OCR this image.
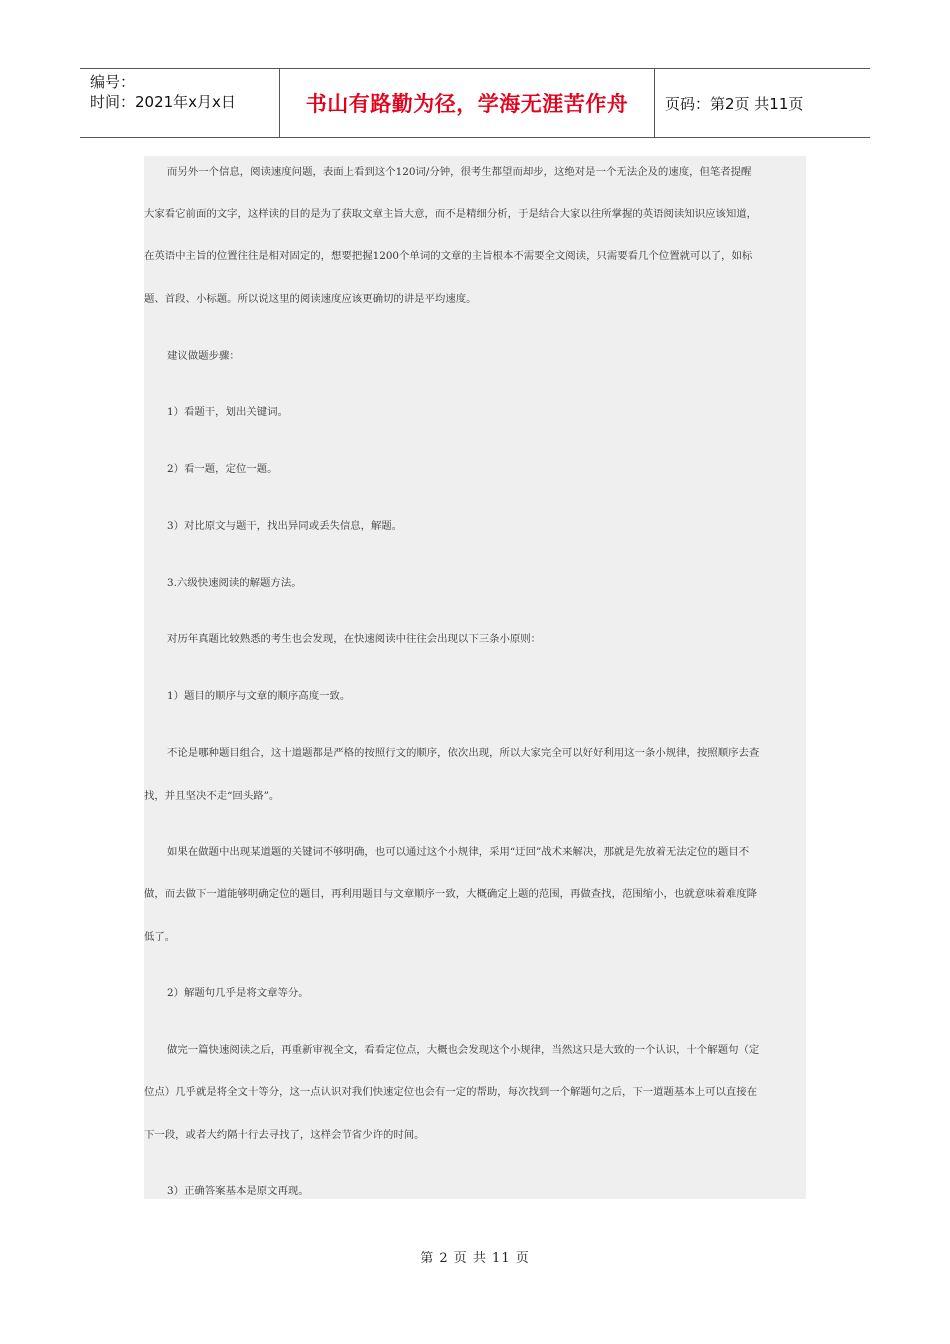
编号：
时间：2021年x月x日	书山有路勤为径，学海无涯苦作舟	页码：第2页 共11页

而另外一个信息，阅读速度问题，表面上看到这个120词/分钟，很考生都望而却步，这绝对是一个无法企及的速度，但笔者提醒

大家看它前面的文字，这样读的目的是为了获取文章主旨大意，而不是精细分析，于是结合大家以往所掌握的英语阅读知识应该知道，

在英语中主旨的位置往往是相对固定的，想要把握1200个单词的文章的主旨根本不需要全文阅读，只需要看几个位置就可以了，如标

题、首段、小标题。所以说这里的阅读速度应该更确切的讲是平均速度。

建议做题步骤：

1）看题干，划出关键词。

2）看一题，定位一题。

3）对比原文与题干，找出异同或丢失信息，解题。

3.六级快速阅读的解题方法。

对历年真题比较熟悉的考生也会发现，在快速阅读中往往会出现以下三条小原则：

1）题目的顺序与文章的顺序高度一致。

不论是哪种题目组合，这十道题都是严格的按照行文的顺序，依次出现，所以大家完全可以好好利用这一条小规律，按照顺序去查

找，并且坚决不走“回头路”。

如果在做题中出现某道题的关键词不够明确，也可以通过这个小规律，采用“迂回”战术来解决，那就是先放着无法定位的题目不

做，而去做下一道能够明确定位的题目，再利用题目与文章顺序一致，大概确定上题的范围，再做查找，范围缩小，也就意味着难度降

低了。

2）解题句几乎是将文章等分。

做完一篇快速阅读之后，再重新审视全文，看看定位点，大概也会发现这个小规律，当然这只是大致的一个认识，十个解题句（定

位点）几乎就是将全文十等分，这一点认识对我们快速定位也会有一定的帮助，每次找到一个解题句之后，下一道题基本上可以直接在

下一段，或者大约隔十行去寻找了，这样会节省少许的时间。

3）正确答案基本是原文再现。

第 2 页 共 11 页
